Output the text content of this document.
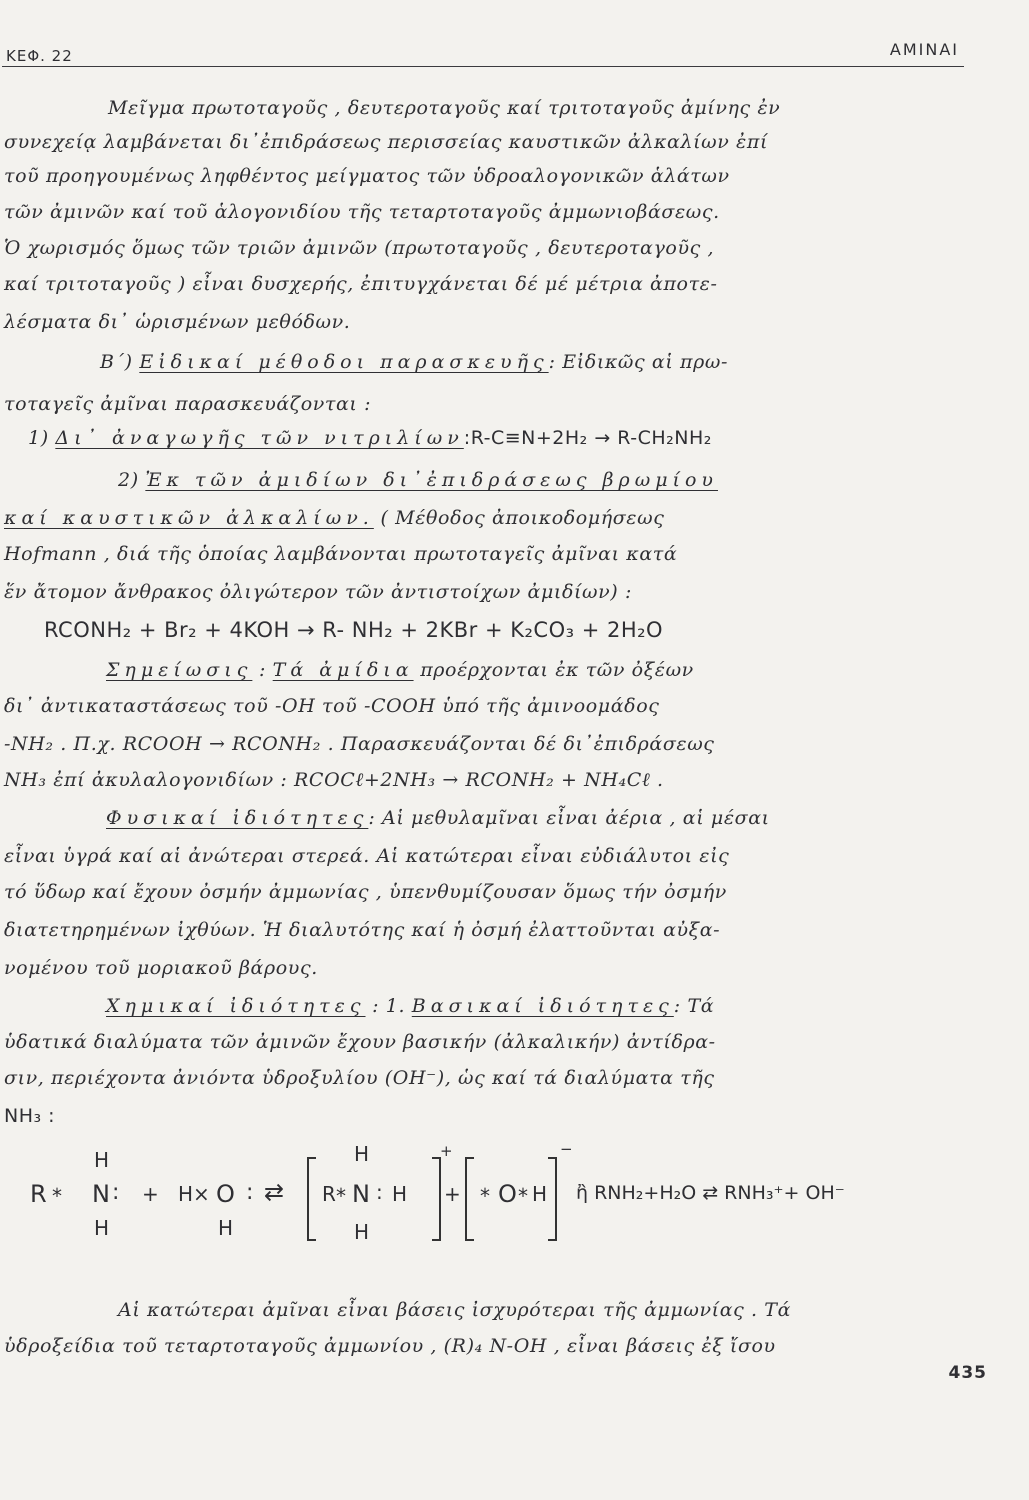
ΚΕΦ. 22	AMINAI
Μεῖγμα πρωτοταγοῦς , δευτεροταγοῦς καί τριτοταγοῦς ἀμίνης ἐν
συνεχείᾳ λαμβάνεται δι᾽ἐπιδράσεως περισσείας καυστικῶν ἀλκαλίων ἐπί
τοῦ προηγουμένως ληφθέντος μείγματος τῶν ὑδροαλογονικῶν ἁλάτων
τῶν ἀμινῶν καί τοῦ ἁλογονιδίου τῆς τεταρτοταγοῦς ἀμμωνιοβάσεως.
Ὁ χωρισμός ὅμως τῶν τριῶν ἀμινῶν (πρωτοταγοῦς , δευτεροταγοῦς ,
καί τριτοταγοῦς ) εἶναι δυσχερής, ἐπιτυγχάνεται δέ μέ μέτρια ἀποτε-
λέσματα δι᾽ ὡρισμένων μεθόδων.
Β΄) Εἰδικαί μέθοδοι παρασκευῆς: Εἰδικῶς αἱ πρω-
τοταγεῖς ἀμῖναι παρασκευάζονται :
1) Δι᾽ ἀναγωγῆς τῶν νιτριλίων:R-C≡N+2H₂ → R-CH₂NH₂
2) Ἐκ τῶν ἀμιδίων δι᾽ἐπιδράσεως βρωμίου
καί καυστικῶν ἀλκαλίων. ( Μέθοδος ἀποικοδομήσεως
Hofmann , διά τῆς ὁποίας λαμβάνονται πρωτοταγεῖς ἀμῖναι κατά
ἕν ἄτομον ἄνθρακος ὀλιγώτερον τῶν ἀντιστοίχων ἀμιδίων) :
RCONH₂ + Br₂ + 4KOH → R- NH₂ + 2KBr + K₂CO₃ + 2H₂O
Σημείωσις : Τά ἀμίδια προέρχονται ἐκ τῶν ὀξέων
δι᾽ ἀντικαταστάσεως τοῦ -ΟΗ τοῦ -COOH ὑπό τῆς ἀμινοομάδος
-NH₂ . Π.χ. RCOOH → RCONH₂ . Παρασκευάζονται δέ δι᾽ἐπιδράσεως
NH₃ ἐπί ἀκυλαλογονιδίων : RCOCℓ+2NH₃ → RCONH₂ + NH₄Cℓ .
Φυσικαί ἰδιότητες: Αἱ μεθυλαμῖναι εἶναι ἀέρια , αἱ μέσαι
εἶναι ὑγρά καί αἱ ἀνώτεραι στερεά. Αἱ κατώτεραι εἶναι εὐδιάλυτοι εἰς
τό ὕδωρ καί ἔχουν ὀσμήν ἀμμωνίας , ὑπενθυμίζουσαν ὅμως τήν ὀσμήν
διατετηρημένων ἰχθύων. Ἡ διαλυτότης καί ἡ ὀσμή ἐλαττοῦνται αὐξα-
νομένου τοῦ μοριακοῦ βάρους.
Χημικαί ἰδιότητες : 1. Βασικαί ἰδιότητες: Τά
ὑδατικά διαλύματα τῶν ἀμινῶν ἔχουν βασικήν (ἀλκαλικήν) ἀντίδρα-
σιν, περιέχοντα ἀνιόντα ὑδροξυλίου (OH⁻), ὡς καί τά διαλύματα τῆς
NH₃ :
H
R * N :
H
+ H× O
H
: ⇄
H
R * N : H
H
+
+ * O * H
−
ἢ RNH₂+H₂O ⇄ RNH₃⁺+ OH⁻
Αἱ κατώτεραι ἀμῖναι εἶναι βάσεις ἰσχυρότεραι τῆς ἀμμωνίας . Τά
ὑδροξείδια τοῦ τεταρτοταγοῦς ἀμμωνίου , (R)₄ N-OH , εἶναι βάσεις ἐξ ἴσου
435
